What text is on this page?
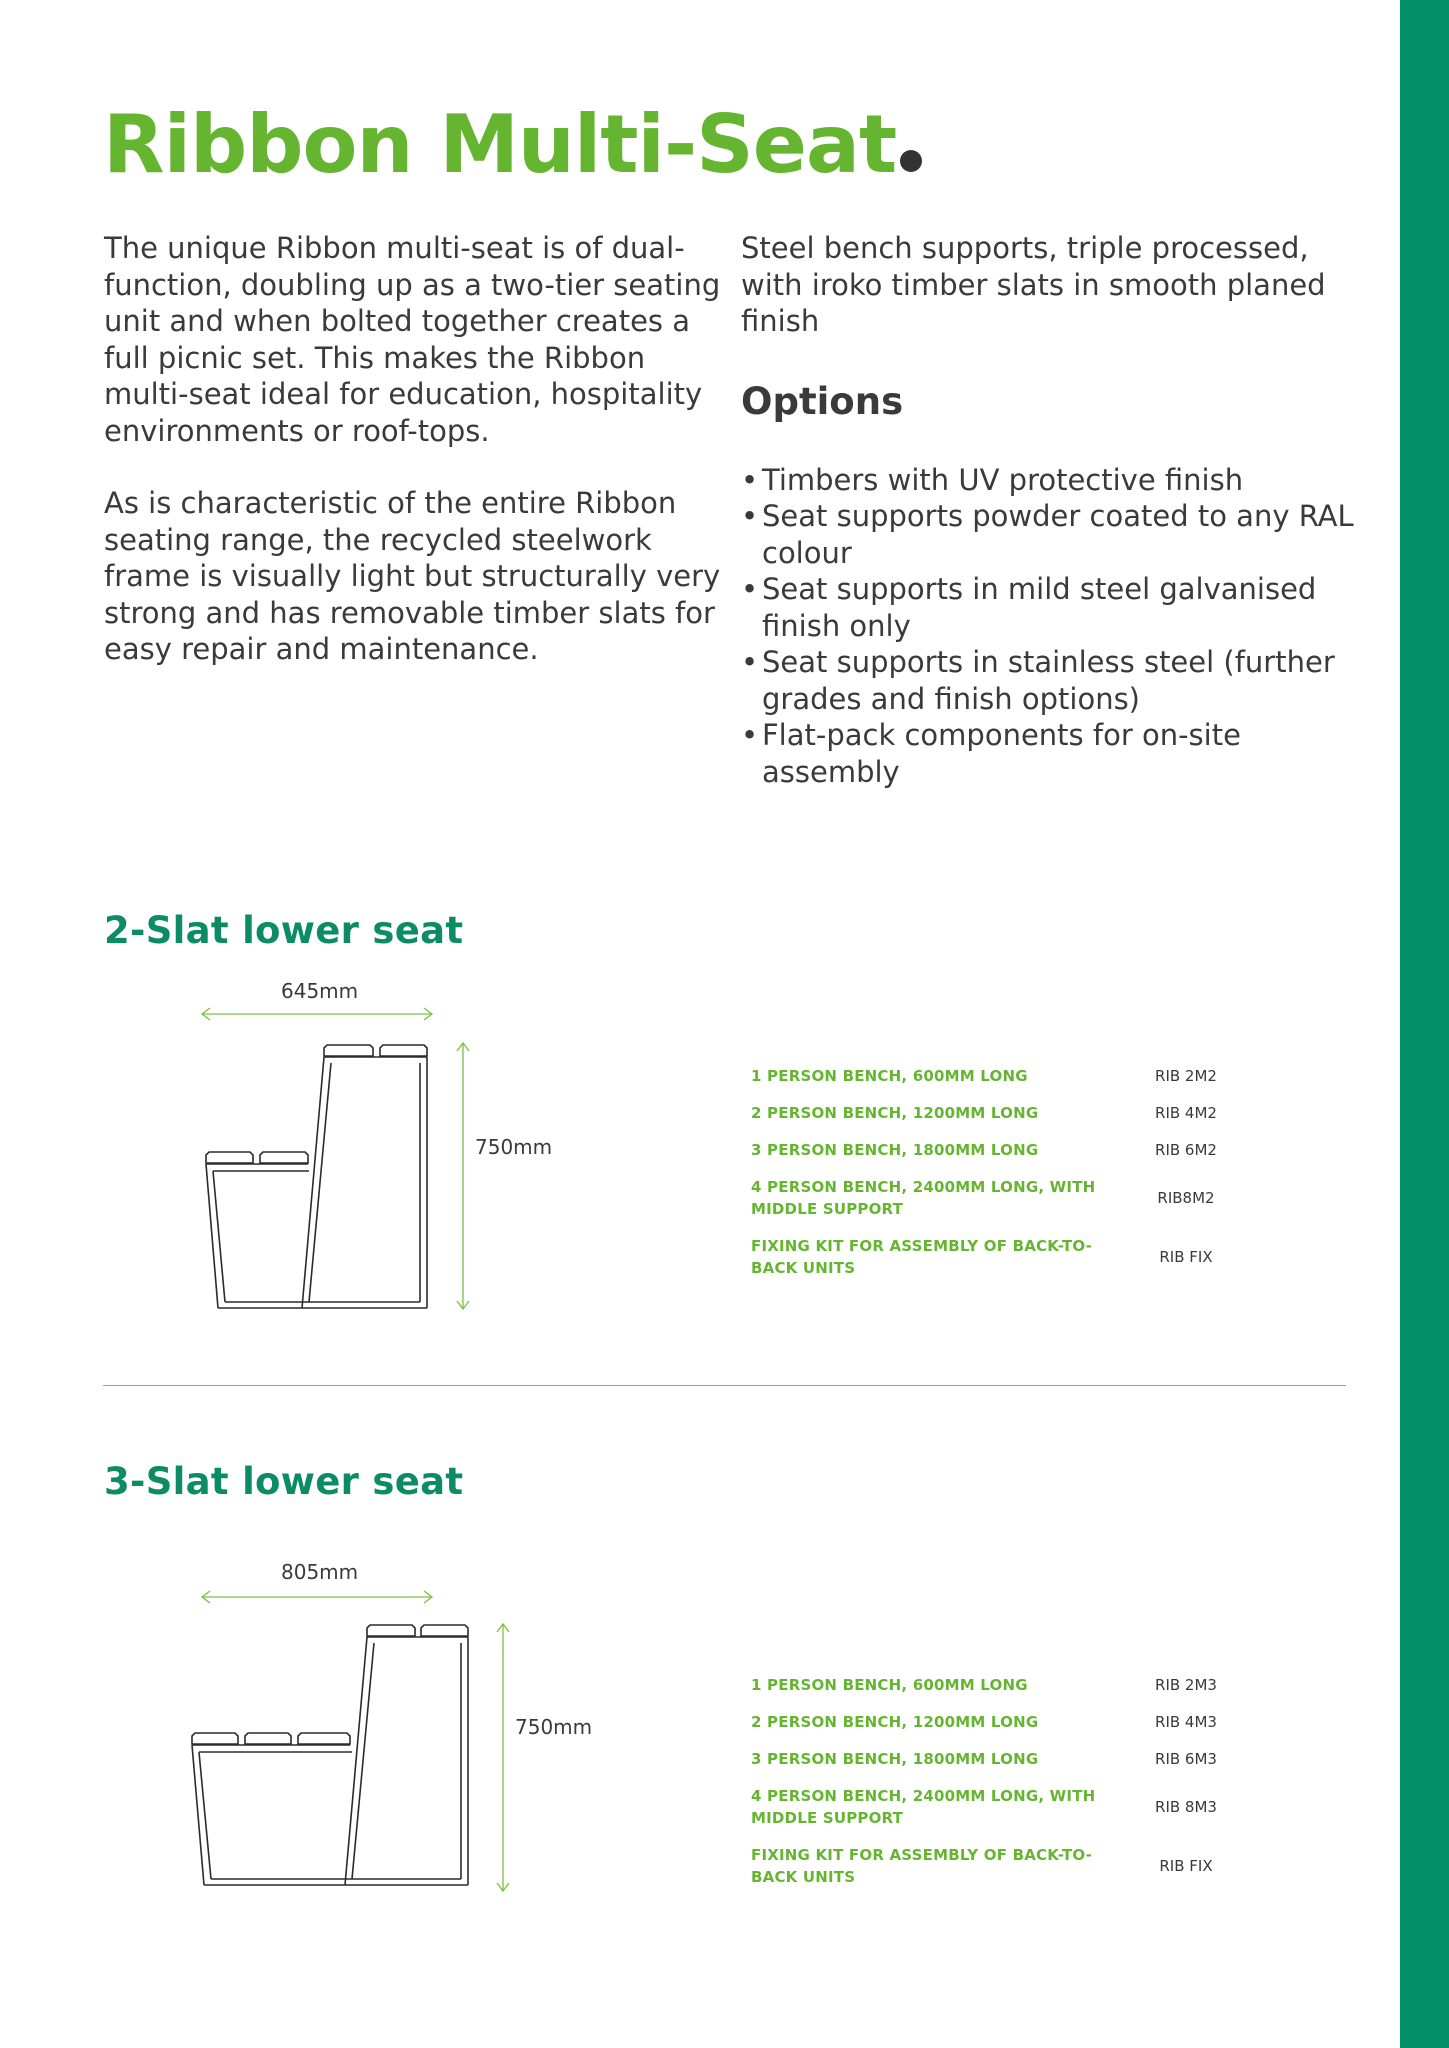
Ribbon Multi-Seat

The unique Ribbon multi-seat is of dual-function, doubling up as a two-tier seating unit and when bolted together creates a full picnic set. This makes the Ribbon multi-seat ideal for education, hospitality environments or roof-tops.

As is characteristic of the entire Ribbon seating range, the recycled steelwork frame is visually light but structurally very strong and has removable timber slats for easy repair and maintenance.

Steel bench supports, triple processed, with iroko timber slats in smooth planed finish

Options
• Timbers with UV protective finish
• Seat supports powder coated to any RAL colour
• Seat supports in mild steel galvanised finish only
• Seat supports in stainless steel (further grades and finish options)
• Flat-pack components for on-site assembly
2-Slat lower seat
645mm
750mm
1 PERSON BENCH, 600MM LONG	RIB 2M2
2 PERSON BENCH, 1200MM LONG	RIB 4M2
3 PERSON BENCH, 1800MM LONG	RIB 6M2
4 PERSON BENCH, 2400MM LONG, WITH MIDDLE SUPPORT	RIB8M2
FIXING KIT FOR ASSEMBLY OF BACK-TO-BACK UNITS	RIB FIX
3-Slat lower seat
805mm
750mm
1 PERSON BENCH, 600MM LONG	RIB 2M3
2 PERSON BENCH, 1200MM LONG	RIB 4M3
3 PERSON BENCH, 1800MM LONG	RIB 6M3
4 PERSON BENCH, 2400MM LONG, WITH MIDDLE SUPPORT	RIB 8M3
FIXING KIT FOR ASSEMBLY OF BACK-TO-BACK UNITS	RIB FIX
